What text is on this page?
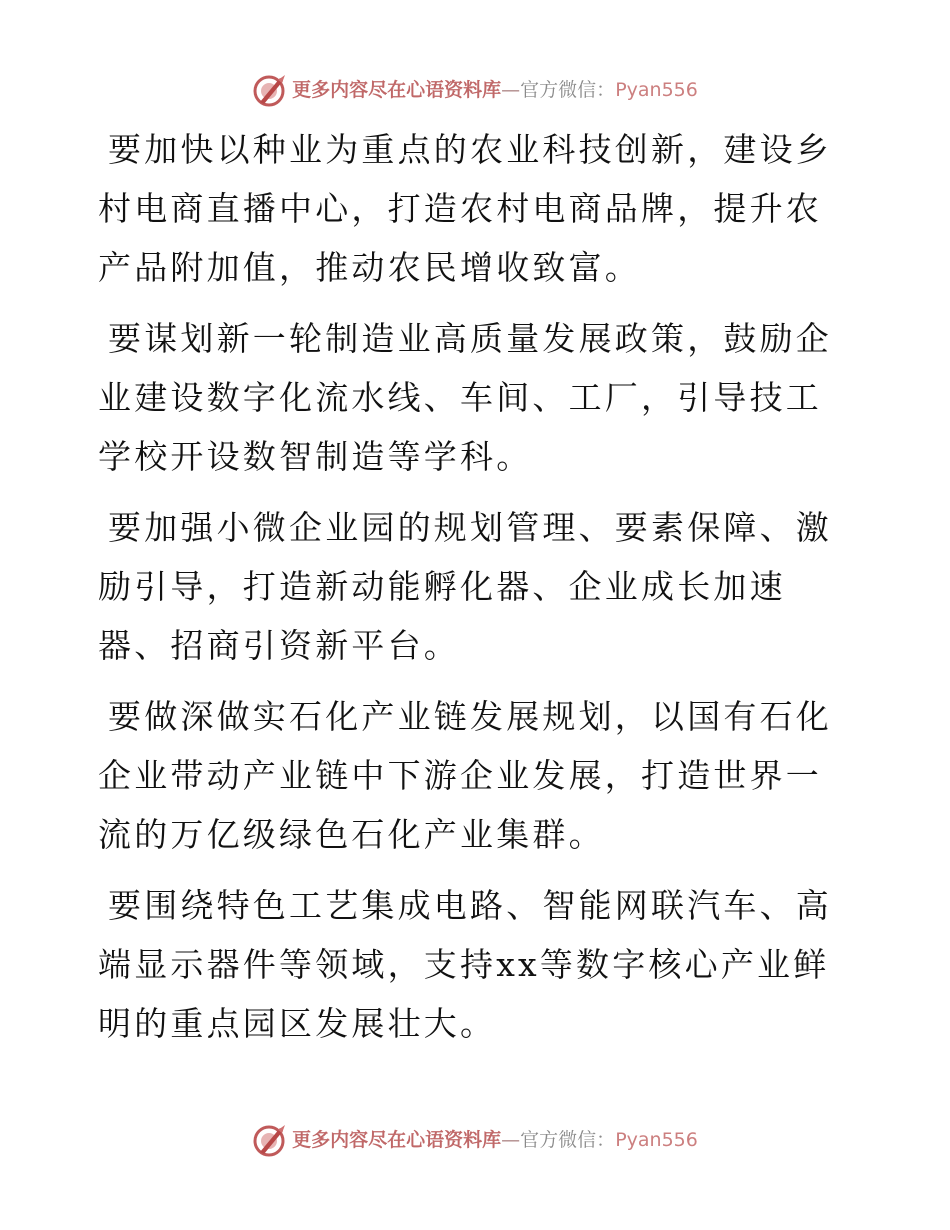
更多内容尽在心语资料库—官方微信：Pyan556

要加快以种业为重点的农业科技创新，建设乡村电商直播中心，打造农村电商品牌，提升农产品附加值，推动农民增收致富。

要谋划新一轮制造业高质量发展政策，鼓励企业建设数字化流水线、车间、工厂，引导技工学校开设数智制造等学科。

要加强小微企业园的规划管理、要素保障、激励引导，打造新动能孵化器、企业成长加速器、招商引资新平台。

要做深做实石化产业链发展规划，以国有石化企业带动产业链中下游企业发展，打造世界一流的万亿级绿色石化产业集群。

要围绕特色工艺集成电路、智能网联汽车、高端显示器件等领域，支持xx等数字核心产业鲜明的重点园区发展壮大。

更多内容尽在心语资料库—官方微信：Pyan556
